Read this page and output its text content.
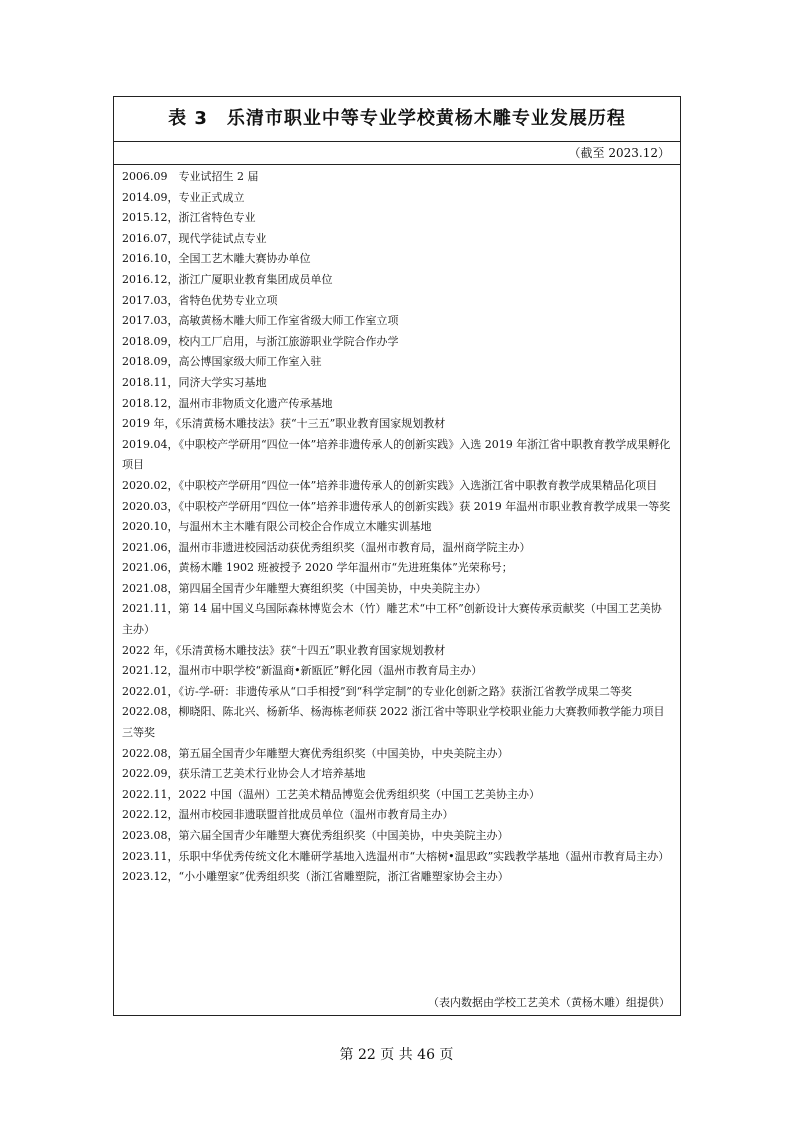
表 3　乐清市职业中等专业学校黄杨木雕专业发展历程
（截至 2023.12）
2006.09　专业试招生 2 届
2014.09，专业正式成立
2015.12，浙江省特色专业
2016.07，现代学徒试点专业
2016.10，全国工艺木雕大赛协办单位
2016.12，浙江广厦职业教育集团成员单位
2017.03，省特色优势专业立项
2017.03，高敏黄杨木雕大师工作室省级大师工作室立项
2018.09，校内工厂启用，与浙江旅游职业学院合作办学
2018.09，高公博国家级大师工作室入驻
2018.11，同济大学实习基地
2018.12，温州市非物质文化遗产传承基地
2019 年，《乐清黄杨木雕技法》获“十三五”职业教育国家规划教材
2019.04，《中职校产学研用“四位一体”培养非遗传承人的创新实践》入选 2019 年浙江省中职教育教学成果孵化项目
2020.02，《中职校产学研用“四位一体”培养非遗传承人的创新实践》入选浙江省中职教育教学成果精品化项目
2020.03，《中职校产学研用“四位一体”培养非遗传承人的创新实践》获 2019 年温州市职业教育教学成果一等奖
2020.10，与温州木主木雕有限公司校企合作成立木雕实训基地
2021.06，温州市非遗进校园活动获优秀组织奖（温州市教育局，温州商学院主办）
2021.06，黄杨木雕 1902 班被授予 2020 学年温州市“先进班集体”光荣称号；
2021.08，第四届全国青少年雕塑大赛组织奖（中国美协，中央美院主办）
2021.11，第 14 届中国义乌国际森林博览会木（竹）雕艺术“中工杯”创新设计大赛传承贡献奖（中国工艺美协主办）
2022 年，《乐清黄杨木雕技法》获“十四五”职业教育国家规划教材
2021.12，温州市中职学校“新温商•新瓯匠”孵化园（温州市教育局主办）
2022.01，《访-学-研：非遗传承从“口手相授”到“科学定制”的专业化创新之路》获浙江省教学成果二等奖
2022.08，柳晓阳、陈北兴、杨新华、杨海栋老师获 2022 浙江省中等职业学校职业能力大赛教师教学能力项目三等奖
2022.08，第五届全国青少年雕塑大赛优秀组织奖（中国美协，中央美院主办）
2022.09，获乐清工艺美术行业协会人才培养基地
2022.11，2022 中国（温州）工艺美术精品博览会优秀组织奖（中国工艺美协主办）
2022.12，温州市校园非遗联盟首批成员单位（温州市教育局主办）
2023.08，第六届全国青少年雕塑大赛优秀组织奖（中国美协，中央美院主办）
2023.11，乐职中华优秀传统文化木雕研学基地入选温州市“大榕树•温思政”实践教学基地（温州市教育局主办）
2023.12，“小小雕塑家”优秀组织奖（浙江省雕塑院，浙江省雕塑家协会主办）
（表内数据由学校工艺美术（黄杨木雕）组提供）
第 22 页 共 46 页
